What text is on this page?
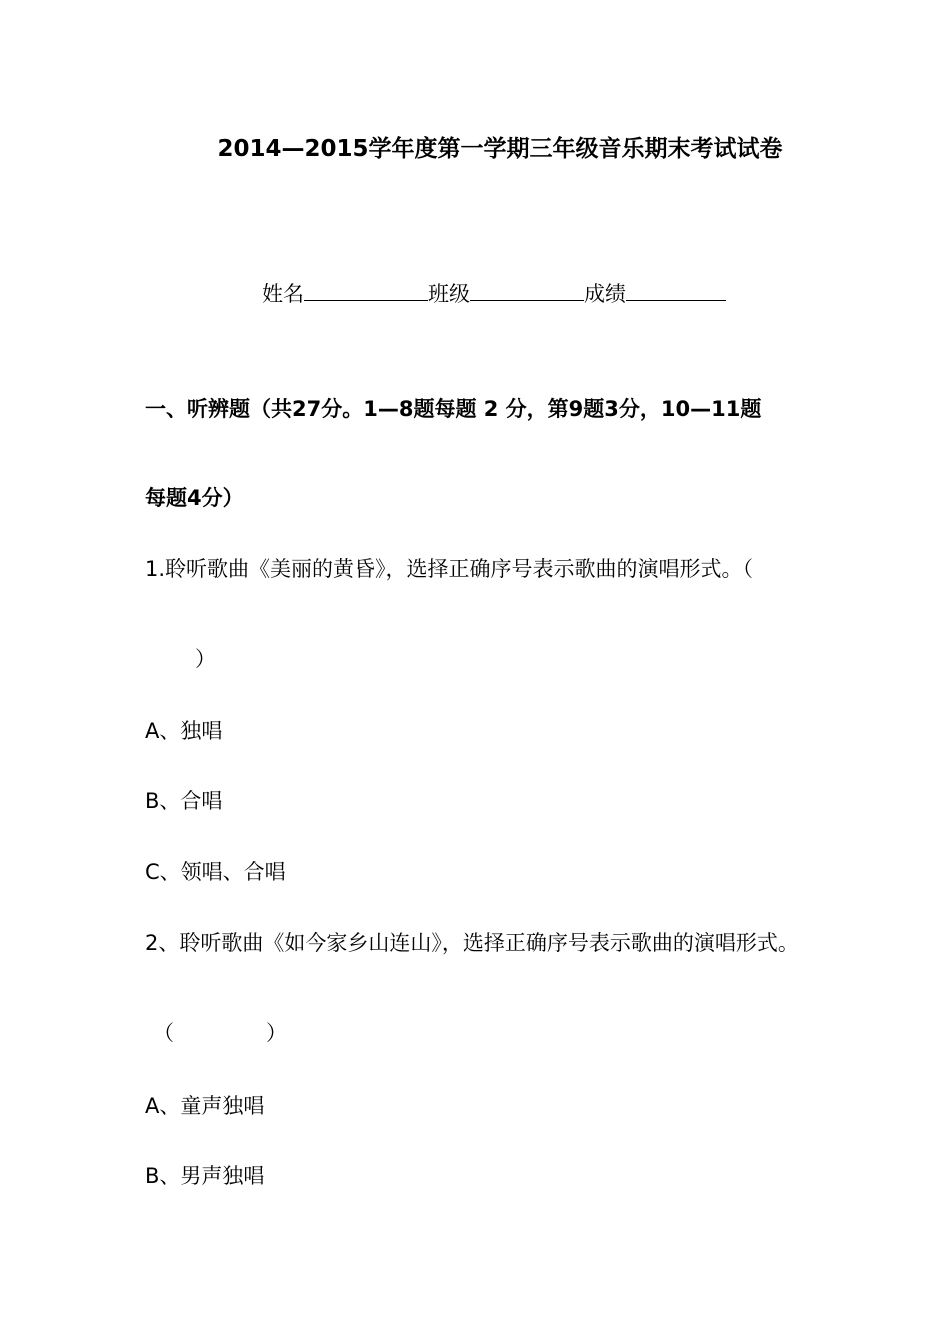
2014—2015学年度第一学期三年级音乐期末考试试卷
姓名	班级	成绩
一、听辨题（共27分。1—8题每题 2 分，第9题3分，10—11题
每题4分）
1.聆听歌曲《美丽的黄昏》，选择正确序号表示歌曲的演唱形式。（
）
A、独唱
B、合唱
C、领唱、合唱
2、聆听歌曲《如今家乡山连山》，选择正确序号表示歌曲的演唱形式。
（	）
A、童声独唱
B、男声独唱
